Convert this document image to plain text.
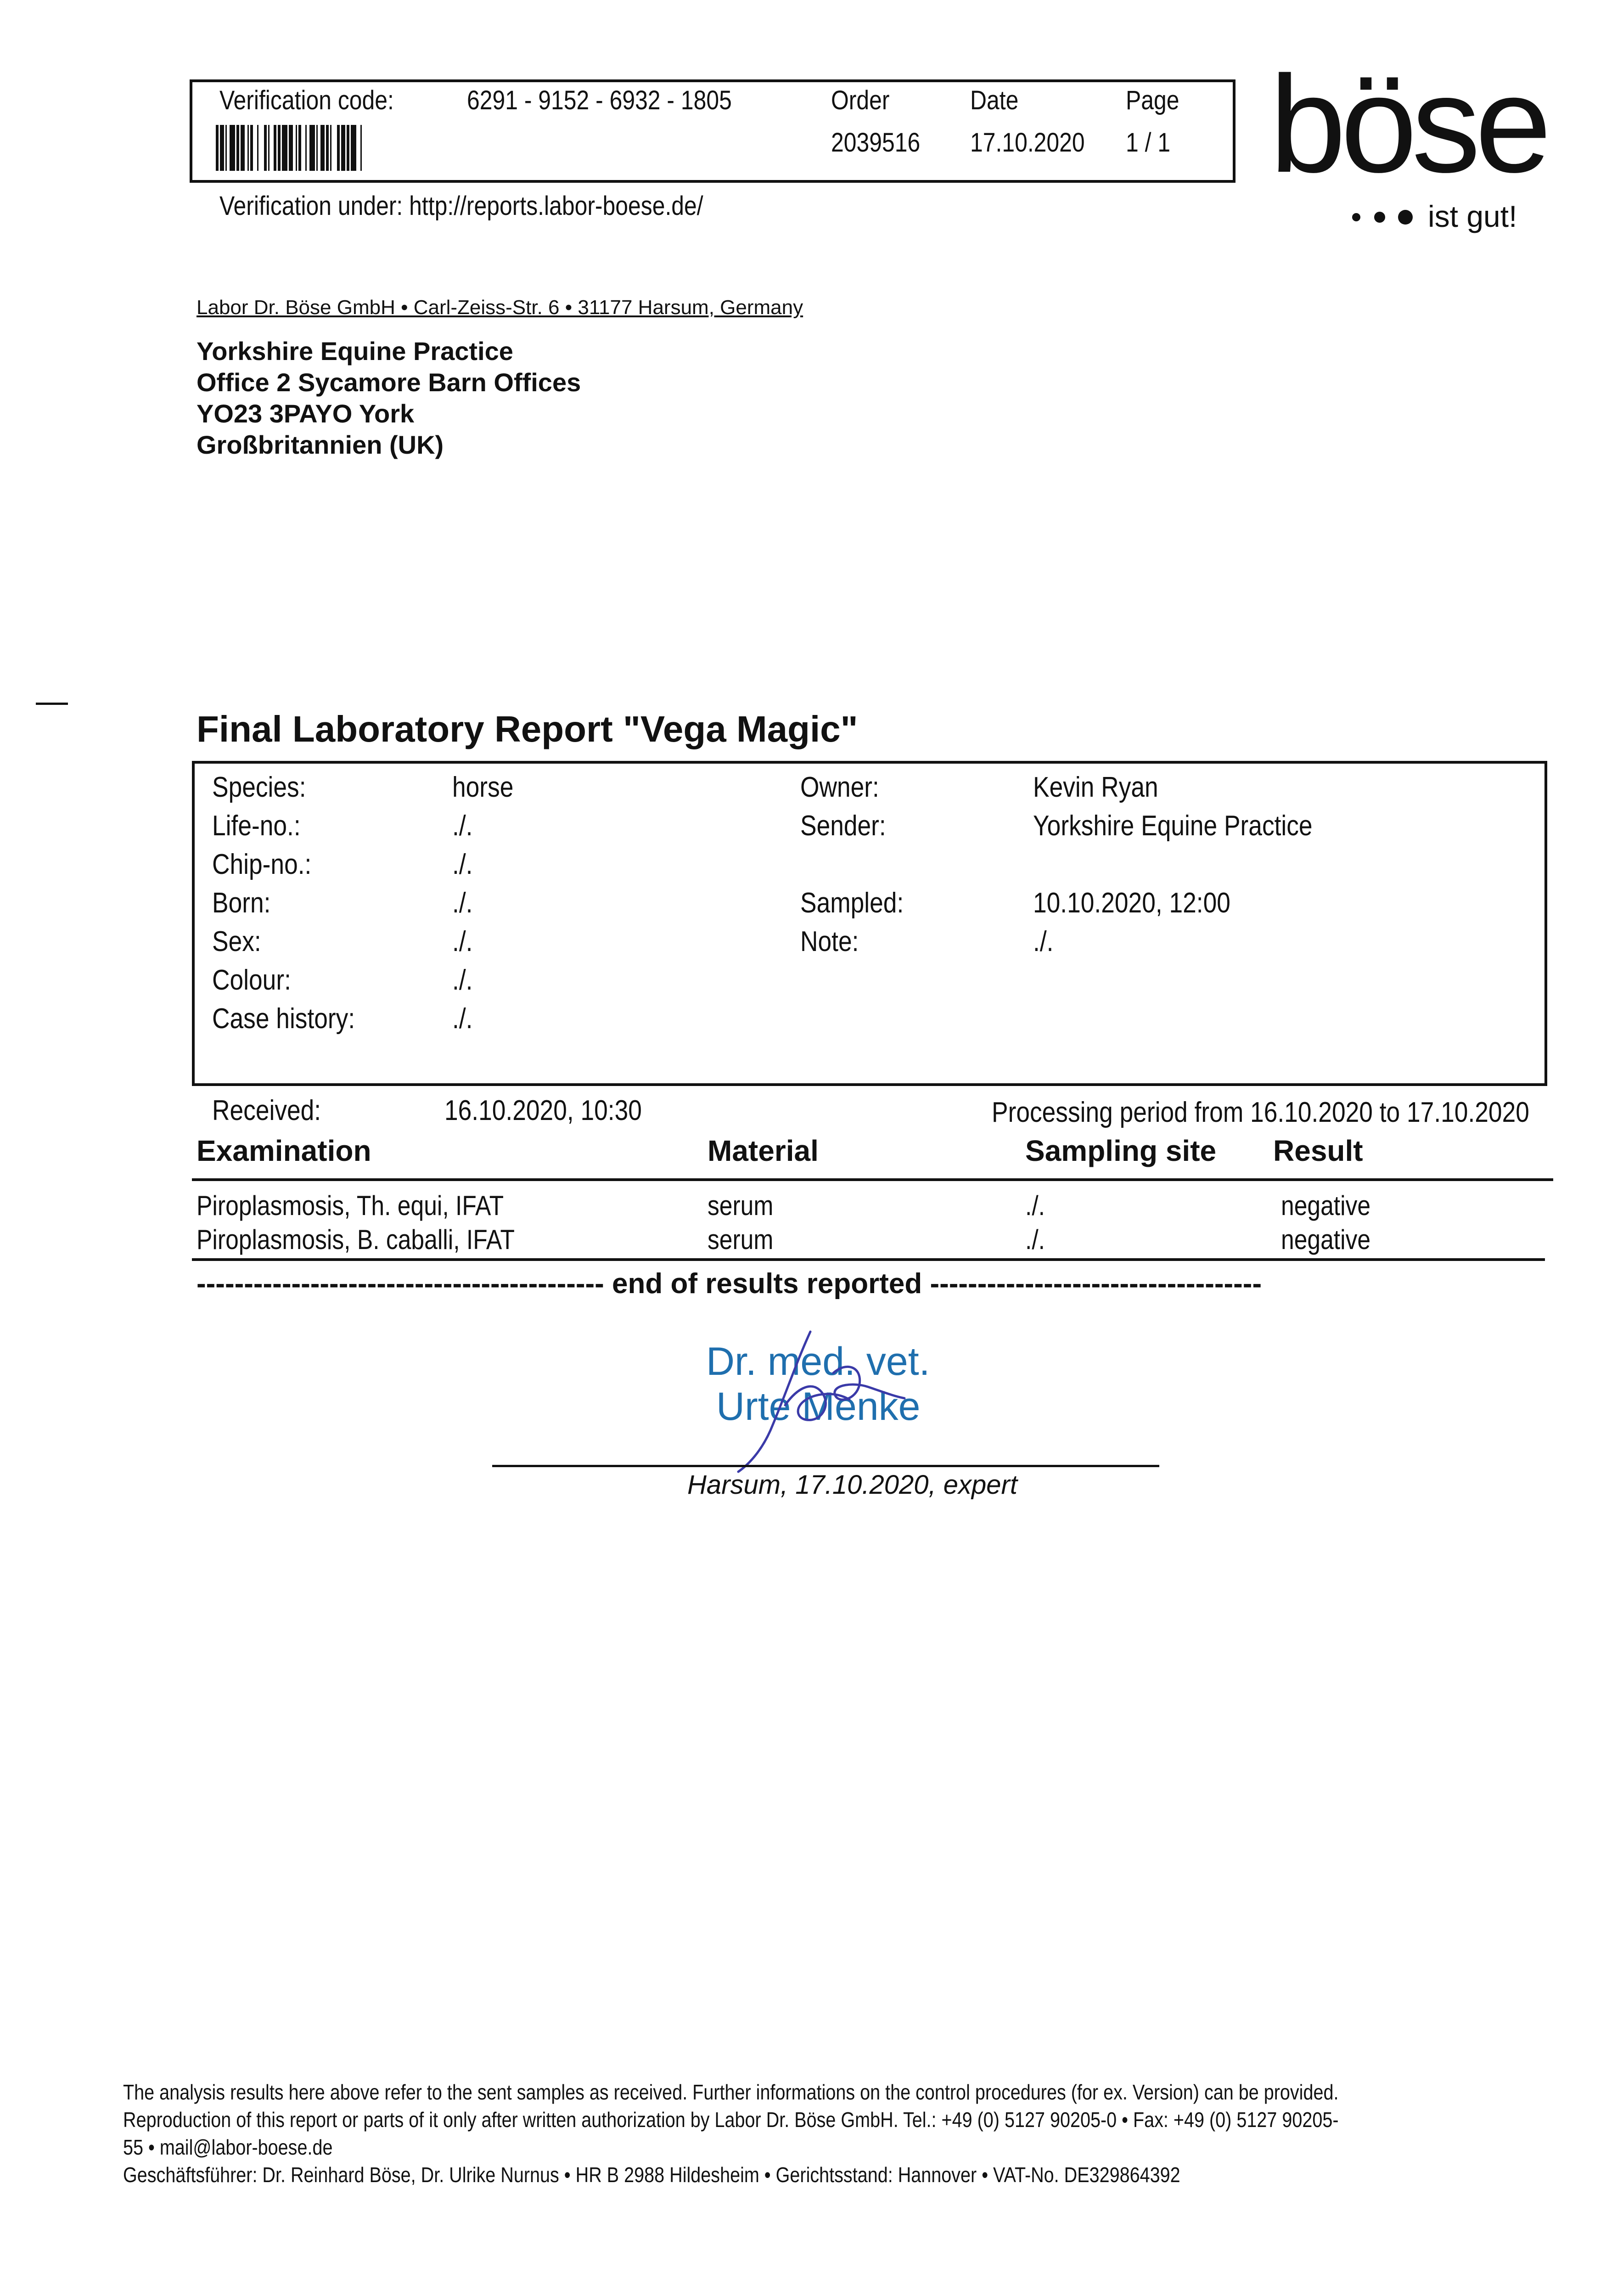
Verification code:	6291 - 9152 - 6932 - 1805	Order	Date	Page
2039516 17.10.2020 1 / 1
Verification under: http://reports.labor-boese.de/
böse
ist gut!
Labor Dr. Böse GmbH • Carl-Zeiss-Str. 6 • 31177 Harsum, Germany
Yorkshire Equine Practice
Office 2 Sycamore Barn Offices
YO23 3PAYO York
Großbritannien (UK)
Final Laboratory Report "Vega Magic"
Species:	horse
Life-no.:	./.
Chip-no.:	./.
Born:	./.
Sex:	./.
Colour:	./.
Case history:	./.
Owner:	Kevin Ryan
Sender:	Yorkshire Equine Practice
Sampled:	10.10.2020, 12:00
Note:	./.
Received:	16.10.2020, 10:30	Processing period from 16.10.2020 to 17.10.2020
Examination	Material	Sampling site Result
Piroplasmosis, Th. equi, IFAT	serum	./.	negative
Piroplasmosis, B. caballi, IFAT	serum	./.	negative
------------------------------------------- end of results reported -----------------------------------
Dr. med. vet.
Urte Menke
Harsum, 17.10.2020, expert
The analysis results here above refer to the sent samples as received. Further informations on the control procedures (for ex. Version) can be provided.
Reproduction of this report or parts of it only after written authorization by Labor Dr. Böse GmbH. Tel.: +49 (0) 5127 90205-0 • Fax: +49 (0) 5127 90205-
55 • mail@labor-boese.de
Geschäftsführer: Dr. Reinhard Böse, Dr. Ulrike Nurnus • HR B 2988 Hildesheim • Gerichtsstand: Hannover • VAT-No. DE329864392
